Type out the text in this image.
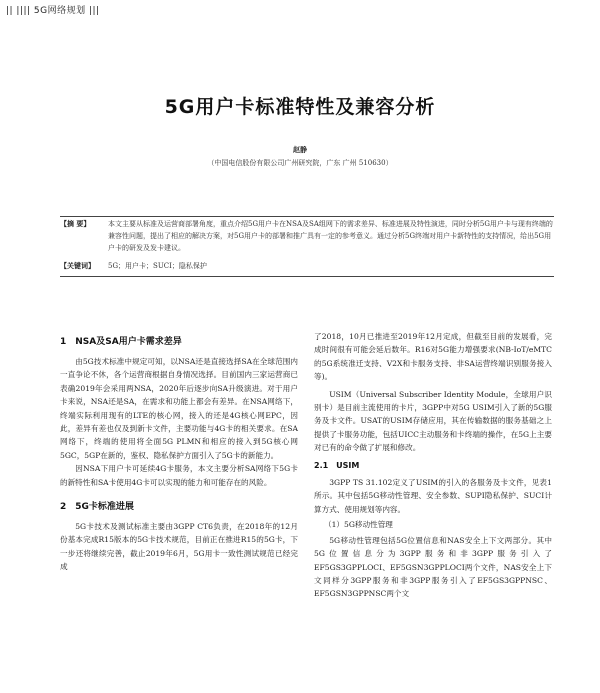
|| |||| 5G网络规划 |||
5G用户卡标准特性及兼容分析
赵静
（中国电信股份有限公司广州研究院，广东 广州 510630）
【摘 要】	本文主要从标准及运营商部署角度，重点介绍5G用户卡在NSA及SA组网下的需求差异、标准进展及特性演进，同时分析5G用户卡与现有终端的兼容性问题，提出了相应的解决方案，对5G用户卡的部署和推广具有一定的参考意义。通过分析5G终端对用户卡新特性的支持情况，给出5G用户卡的研发及发卡建议。
【关键词】	5G；用户卡；SUCI；隐私保护
1　NSA及SA用户卡需求差异

由5G技术标准中规定可知，以NSA还是直接选择SA在全球范围内一直争论不休，各个运营商根据自身情况选择。目前国内三家运营商已表确2019年会采用两NSA，2020年后逐步向SA升级演进。对于用户卡来说，NSA还是SA，在需求和功能上都会有差异。在NSA网络下，终端实际利用现有的LTE的核心网，接入的还是4G核心网EPC，因此，差异有差也仅及到新卡文件，主要功能与4G卡的相关要求。在SA网络下，终端的使用将全面5G PLMN和相应的接入到5G核心网5GC，5GP在新的，鉴权、隐私保护方面引入了5G卡的新能力。

因NSA下用户卡可延续4G卡服务，本文主要分析SA网络下5G卡的新特性和SA卡使用4G卡可以实现的能力和可能存在的风险。

2　5G卡标准进展

5G卡技术及测试标准主要由3GPP CT6负责，在2018年的12月份基本完成R15版本的5G卡技术规范，目前正在推进R15的5G卡，下一步还将继续完善，截止2019年6月，5G用卡一致性测试规范已经完成

了2018，10月已推进至2019年12月定成，但截至目前的发展看，完成时间很有可能会延后数年。R16对5G能力增强要求(NB-IoT/eMTC的5G系统准迁支持、V2X和卡服务支持、非SA运营终端识别服务接入等)。

USIM（Universal Subscriber Identity Module，全球用户识别卡）是目前主流使用的卡片，3GPP中对5G USIM引入了新的5G服务及卡文件。USAT的USIM存储应用，其在传输数据的服务基础之上提供了卡服务功能，包括UICC主动服务和卡终端的操作，在5G上主要对已有的命令做了扩展和修改。

2.1　USIM

3GPP TS 31.102定义了USIM的引入的各服务及卡文件，见表1所示。其中包括5G移动性管理、安全参数、SUPI隐私保护、SUCI计算方式、使用规划等内容。

（1）5G移动性管理

5G移动性管理包括5G位置信息和NAS安全上下文两部分。其中5G位置信息分为3GPP服务和非3GPP服务引入了EF5GS3GPPLOCI、EF5GSN3GPPLOCI两个文件，NAS安全上下文同样分3GPP服务和非3GPP服务引入了EF5GS3GPPNSC、EF5GSN3GPPNSC两个文
